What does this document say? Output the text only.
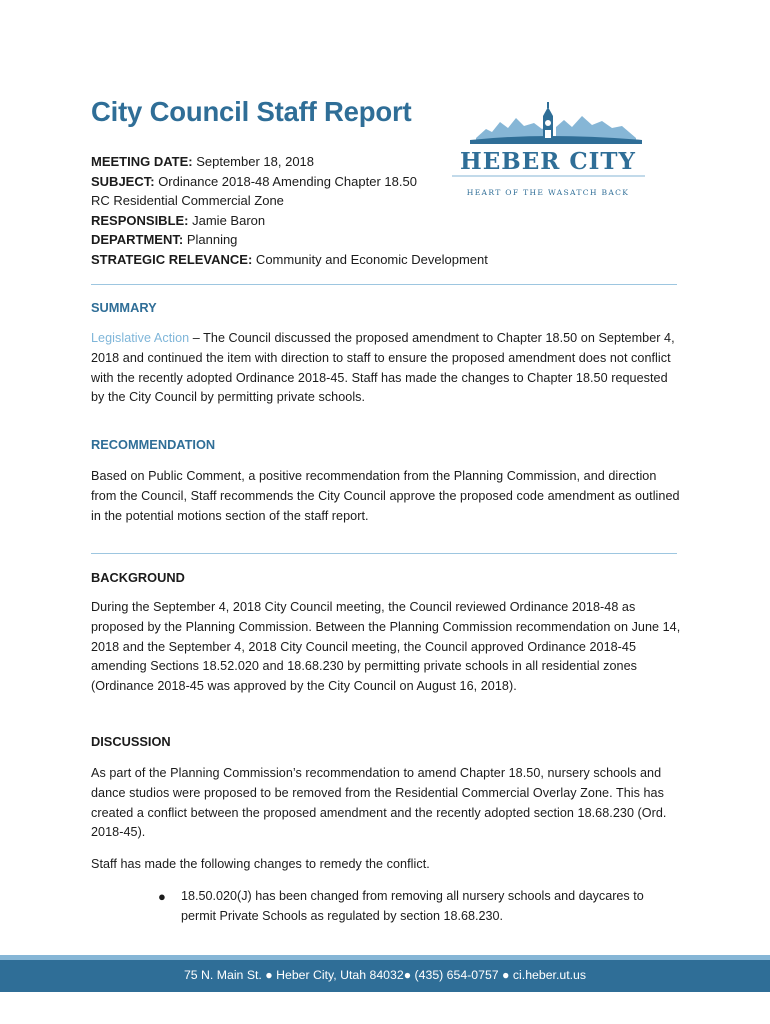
City Council Staff Report
MEETING DATE: September 18, 2018
SUBJECT: Ordinance 2018-48 Amending Chapter 18.50
RC Residential Commercial Zone
RESPONSIBLE: Jamie Baron
DEPARTMENT: Planning
STRATEGIC RELEVANCE: Community and Economic Development
HEBER CITY
HEART OF THE WASATCH BACK
SUMMARY

Legislative Action – The Council discussed the proposed amendment to Chapter 18.50 on September 4, 2018 and continued the item with direction to staff to ensure the proposed amendment does not conflict with the recently adopted Ordinance 2018-45. Staff has made the changes to Chapter 18.50 requested by the City Council by permitting private schools.

RECOMMENDATION

Based on Public Comment, a positive recommendation from the Planning Commission, and direction from the Council, Staff recommends the City Council approve the proposed code amendment as outlined in the potential motions section of the staff report.

BACKGROUND

During the September 4, 2018 City Council meeting, the Council reviewed Ordinance 2018-48 as proposed by the Planning Commission. Between the Planning Commission recommendation on June 14, 2018 and the September 4, 2018 City Council meeting, the Council approved Ordinance 2018-45 amending Sections 18.52.020 and 18.68.230 by permitting private schools in all residential zones (Ordinance 2018-45 was approved by the City Council on August 16, 2018).

DISCUSSION

As part of the Planning Commission’s recommendation to amend Chapter 18.50, nursery schools and dance studios were proposed to be removed from the Residential Commercial Overlay Zone. This has created a conflict between the proposed amendment and the recently adopted section 18.68.230 (Ord. 2018-45).

Staff has made the following changes to remedy the conflict.

● 18.50.020(J) has been changed from removing all nursery schools and daycares to permit Private Schools as regulated by section 18.68.230.

75 N. Main St. ● Heber City, Utah 84032● (435) 654-0757 ● ci.heber.ut.us
